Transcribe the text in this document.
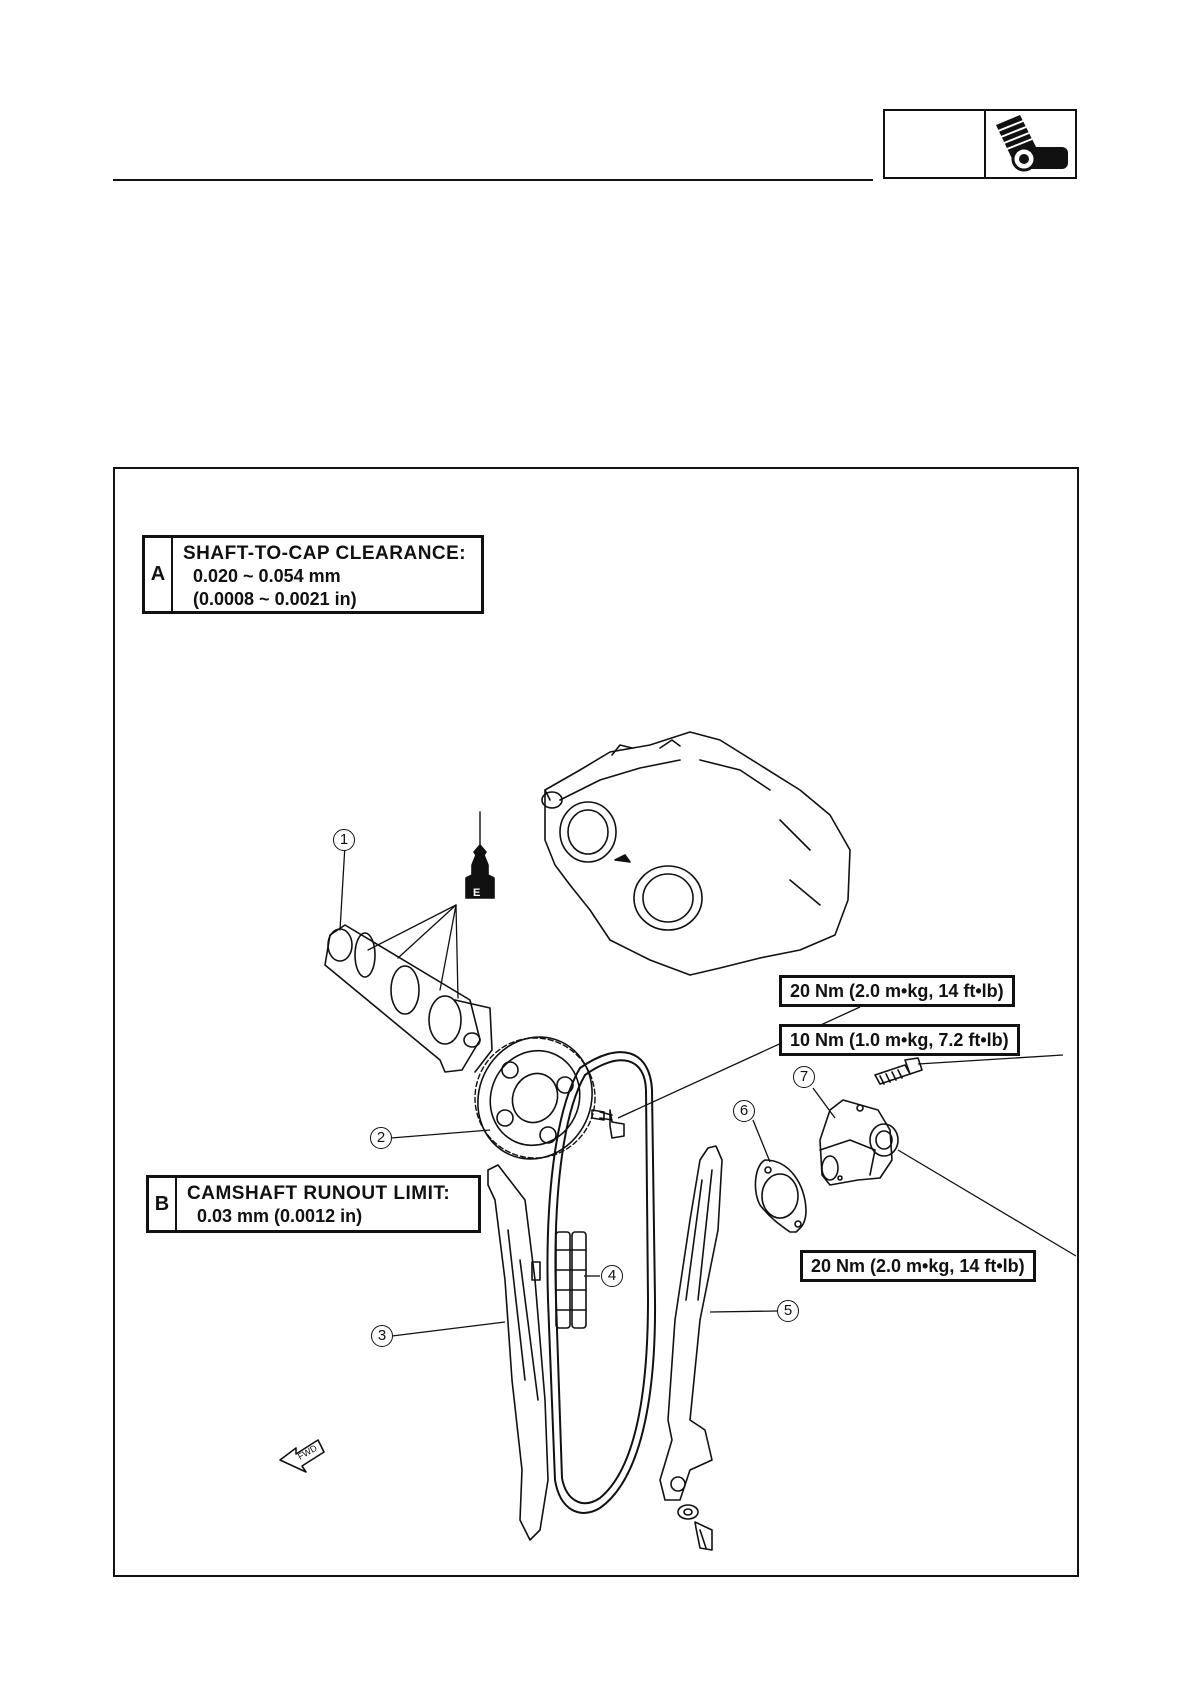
E
FWD
A
SHAFT-TO-CAP CLEARANCE:
0.020 ~ 0.054 mm
(0.0008 ~ 0.0021 in)
B CAMSHAFT RUNOUT LIMIT:
0.03 mm (0.0012 in)
20 Nm (2.0 m•kg, 14 ft•lb)
10 Nm (1.0 m•kg, 7.2 ft•lb)
20 Nm (2.0 m•kg, 14 ft•lb)
1
2
3
4
5
6
7
